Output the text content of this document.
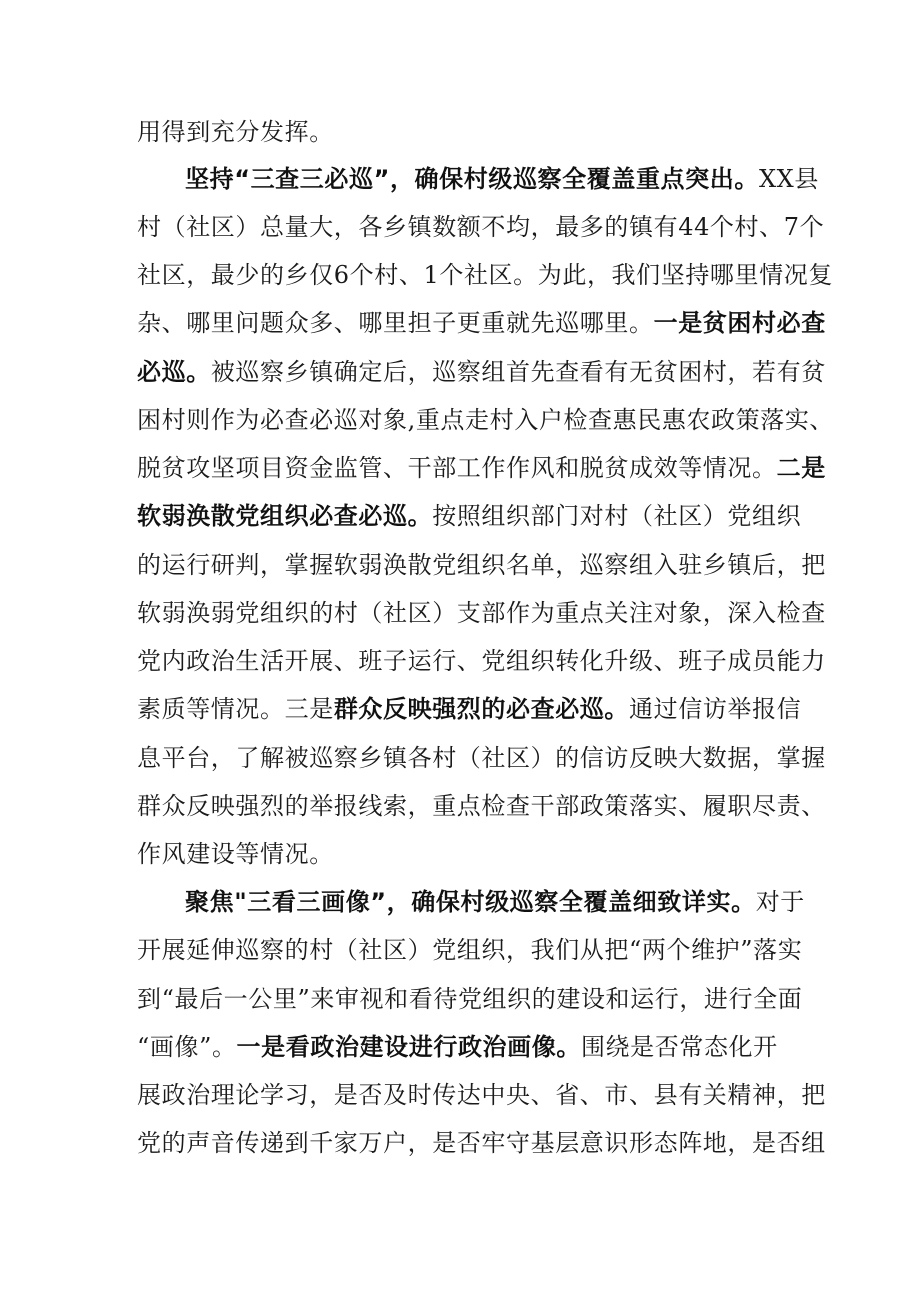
用得到充分发挥。
坚持“三查三必巡”，确保村级巡察全覆盖重点突出。XX县
村（社区）总量大，各乡镇数额不均，最多的镇有44个村、7个
社区，最少的乡仅6个村、1个社区。为此，我们坚持哪里情况复
杂、哪里问题众多、哪里担子更重就先巡哪里。一是贫困村必查
必巡。被巡察乡镇确定后，巡察组首先查看有无贫困村，若有贫
困村则作为必查必巡对象,重点走村入户检查惠民惠农政策落实、
脱贫攻坚项目资金监管、干部工作作风和脱贫成效等情况。二是
软弱涣散党组织必查必巡。按照组织部门对村（社区）党组织
的运行研判，掌握软弱涣散党组织名单，巡察组入驻乡镇后，把
软弱涣弱党组织的村（社区）支部作为重点关注对象，深入检查
党内政治生活开展、班子运行、党组织转化升级、班子成员能力
素质等情况。三是群众反映强烈的必查必巡。通过信访举报信
息平台，了解被巡察乡镇各村（社区）的信访反映大数据，掌握
群众反映强烈的举报线索，重点检查干部政策落实、履职尽责、
作风建设等情况。
聚焦"三看三画像”，确保村级巡察全覆盖细致详实。对于
开展延伸巡察的村（社区）党组织，我们从把“两个维护”落实
到“最后一公里”来审视和看待党组织的建设和运行，进行全面
“画像”。一是看政治建设进行政治画像。围绕是否常态化开
展政治理论学习，是否及时传达中央、省、市、县有关精神，把
党的声音传递到千家万户，是否牢守基层意识形态阵地，是否组
